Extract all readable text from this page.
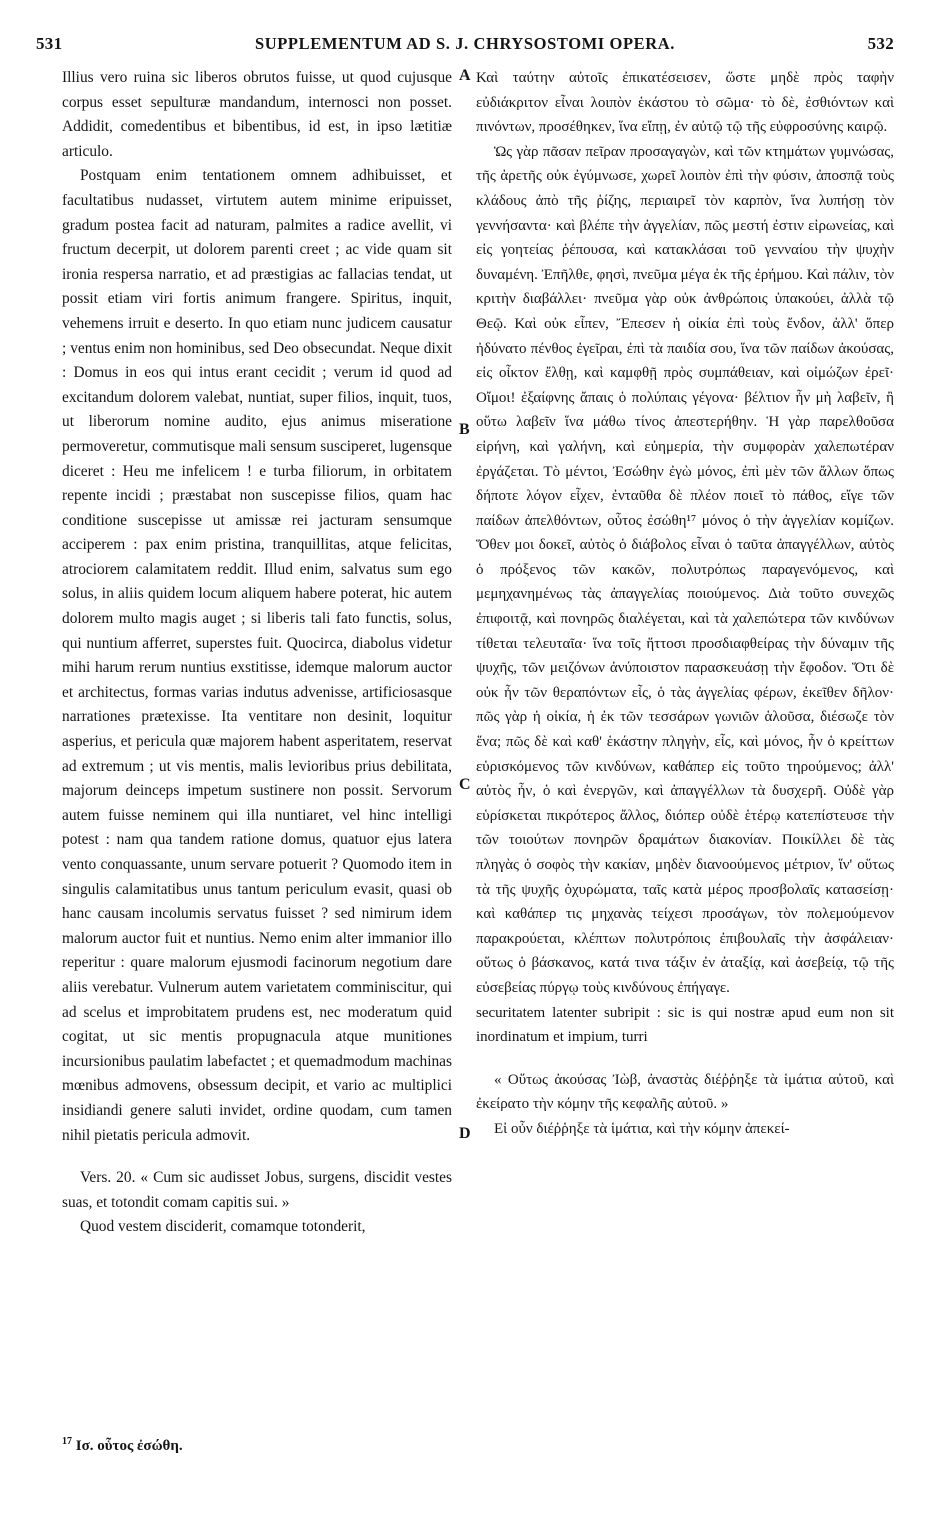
531	SUPPLEMENTUM AD S. J. CHRYSOSTOMI OPERA.	532
A
B
C
D

Illius vero ruina sic liberos obrutos fuisse, ut quod cujusque corpus esset sepulturæ mandandum, internosci non posset. Addidit, comedentibus et bibentibus, id est, in ipso lætitiæ articulo.

Postquam enim tentationem omnem adhibuisset, et facultatibus nudasset, virtutem autem minime eripuisset, gradum postea facit ad naturam, palmites a radice avellit, vi fructum decerpit, ut dolorem parenti creet ; ac vide quam sit ironia respersa narratio, et ad præstigias ac fallacias tendat, ut possit etiam viri fortis animum frangere. Spiritus, inquit, vehemens irruit e deserto. In quo etiam nunc judicem causatur ; ventus enim non hominibus, sed Deo obsecundat. Neque dixit : Domus in eos qui intus erant cecidit ; verum id quod ad excitandum dolorem valebat, nuntiat, super filios, inquit, tuos, ut liberorum nomine audito, ejus animus miseratione permoveretur, commutisque mali sensum susciperet, lugensque diceret : Heu me infelicem ! e turba filiorum, in orbitatem repente incidi ; præstabat non suscepisse filios, quam hac conditione suscepisse ut amissæ rei jacturam sensumque acciperem : pax enim pristina, tranquillitas, atque felicitas, atrociorem calamitatem reddit. Illud enim, salvatus sum ego solus, in aliis quidem locum aliquem habere poterat, hic autem dolorem multo magis auget ; si liberis tali fato functis, solus, qui nuntium afferret, superstes fuit. Quocirca, diabolus videtur mihi harum rerum nuntius exstitisse, idemque malorum auctor et architectus, formas varias indutus advenisse, artificiosasque narrationes prætexisse. Ita ventitare non desinit, loquitur asperius, et pericula quæ majorem habent asperitatem, reservat ad extremum ; ut vis mentis, malis levioribus prius debilitata, majorum deinceps impetum sustinere non possit. Servorum autem fuisse neminem qui illa nuntiaret, vel hinc intelligi potest : nam qua tandem ratione domus, quatuor ejus latera vento conquassante, unum servare potuerit ? Quomodo item in singulis calamitatibus unus tantum periculum evasit, quasi ob hanc causam incolumis servatus fuisset ? sed nimirum idem malorum auctor fuit et nuntius. Nemo enim alter immanior illo reperitur : quare malorum ejusmodi facinorum negotium dare aliis verebatur. Vulnerum autem varietatem comminiscitur, qui ad scelus et improbitatem prudens est, nec moderatum quid cogitat, ut sic mentis propugnacula atque munitiones incursionibus paulatim labefactet ; et quemadmodum machinas mœnibus admovens, obsessum decipit, et vario ac multiplici insidiandi genere saluti invidet, ordine quodam, cum tamen nihil pietatis pericula admovit.

Vers. 20. « Cum sic audisset Jobus, surgens, discidit vestes suas, et totondit comam capitis sui. »

Quod vestem disciderit, comamque totonderit,

Καὶ ταύτην αὐτοῖς ἐπικατέσεισεν, ὥστε μηδὲ πρὸς ταφὴν εὐδιάκριτον εἶναι λοιπὸν ἑκάστου τὸ σῶμα· τὸ δὲ, ἐσθιόντων καὶ πινόντων, προσέθηκεν, ἵνα εἴπῃ, ἐν αὐτῷ τῷ τῆς εὐφροσύνης καιρῷ.

Ὡς γὰρ πᾶσαν πεῖραν προσαγαγὼν, καὶ τῶν κτημάτων γυμνώσας, τῆς ἀρετῆς οὐκ ἐγύμνωσε, χωρεῖ λοιπὸν ἐπὶ τὴν φύσιν, ἀποσπᾷ τοὺς κλάδους ἀπὸ τῆς ῥίζης, περιαιρεῖ τὸν καρπὸν, ἵνα λυπήσῃ τὸν γεννήσαντα· καὶ βλέπε τὴν ἀγγελίαν, πῶς μεστή ἐστιν εἰρωνείας, καὶ εἰς γοητείας ῥέπουσα, καὶ κατακλάσαι τοῦ γενναίου τὴν ψυχὴν δυναμένη. Ἐπῆλθε, φησὶ, πνεῦμα μέγα ἐκ τῆς ἐρήμου. Καὶ πάλιν, τὸν κριτὴν διαβάλλει· πνεῦμα γὰρ οὐκ ἀνθρώποις ὑπακούει, ἀλλὰ τῷ Θεῷ. Καὶ οὐκ εἶπεν, Ἔπεσεν ἡ οἰκία ἐπὶ τοὺς ἔνδον, ἀλλ' ὅπερ ἠδύνατο πένθος ἐγεῖραι, ἐπὶ τὰ παιδία σου, ἵνα τῶν παίδων ἀκούσας, εἰς οἶκτον ἔλθῃ, καὶ καμφθῇ πρὸς συμπάθειαν, καὶ οἰμώζων ἐρεῖ· Οἴμοι! ἐξαίφνης ἄπαις ὁ πολύπαις γέγονα· βέλτιον ἦν μὴ λαβεῖν, ἢ οὕτω λαβεῖν ἵνα μάθω τίνος ἀπεστερήθην. Ἡ γὰρ παρελθοῦσα εἰρήνη, καὶ γαλήνη, καὶ εὐημερία, τὴν συμφορὰν χαλεπωτέραν ἐργάζεται. Τὸ μέντοι, Ἐσώθην ἐγὼ μόνος, ἐπὶ μὲν τῶν ἄλλων ὅπως δήποτε λόγον εἶχεν, ἐνταῦθα δὲ πλέον ποιεῖ τὸ πάθος, εἴγε τῶν παίδων ἀπελθόντων, οὗτος ἐσώθη¹⁷ μόνος ὁ τὴν ἀγγελίαν κομίζων. Ὅθεν μοι δοκεῖ, αὐτὸς ὁ διάβολος εἶναι ὁ ταῦτα ἀπαγγέλλων, αὐτὸς ὁ πρόξενος τῶν κακῶν, πολυτρόπως παραγενόμενος, καὶ μεμηχανημένως τὰς ἀπαγγελίας ποιούμενος. Διὰ τοῦτο συνεχῶς ἐπιφοιτᾷ, καὶ πονηρῶς διαλέγεται, καὶ τὰ χαλεπώτερα τῶν κινδύνων τίθεται τελευταῖα· ἵνα τοῖς ἥττοσι προσδιαφθείρας τὴν δύναμιν τῆς ψυχῆς, τῶν μειζόνων ἀνύποιστον παρασκευάσῃ τὴν ἔφοδον. Ὅτι δὲ οὐκ ἦν τῶν θεραπόντων εἷς, ὁ τὰς ἀγγελίας φέρων, ἐκεῖθεν δῆλον· πῶς γὰρ ἡ οἰκία, ἡ ἐκ τῶν τεσσάρων γωνιῶν ἁλοῦσα, διέσωζε τὸν ἕνα; πῶς δὲ καὶ καθ' ἑκάστην πληγὴν, εἷς, καὶ μόνος, ἦν ὁ κρείττων εὑρισκόμενος τῶν κινδύνων, καθάπερ εἰς τοῦτο τηρούμενος; ἀλλ' αὐτὸς ἦν, ὁ καὶ ἐνεργῶν, καὶ ἀπαγγέλλων τὰ δυσχερῆ. Οὐδὲ γὰρ εὑρίσκεται πικρότερος ἄλλος, διόπερ οὐδὲ ἑτέρῳ κατεπίστευσε τὴν τῶν τοιούτων πονηρῶν δραμάτων διακονίαν. Ποικίλλει δὲ τὰς πληγὰς ὁ σοφὸς τὴν κακίαν, μηδὲν διανοούμενος μέτριον, ἵν' οὕτως τὰ τῆς ψυχῆς ὀχυρώματα, ταῖς κατὰ μέρος προσβολαῖς κατασείσῃ· καὶ καθάπερ τις μηχανὰς τείχεσι προσάγων, τὸν πολεμούμενον παρακρούεται, κλέπτων πολυτρόποις ἐπιβουλαῖς τὴν ἀσφάλειαν· οὕτως ὁ βάσκανος, κατά τινα τάξιν ἐν ἀταξίᾳ, καὶ ἀσεβείᾳ, τῷ τῆς εὐσεβείας πύργῳ τοὺς κινδύνους ἐπήγαγε.

securitatem latenter subripit : sic is qui nostræ apud eum non sit inordinatum et impium, turri

« Οὕτως ἀκούσας Ἰὼβ, ἀναστὰς διέῤῥηξε τὰ ἱμάτια αὐτοῦ, καὶ ἐκείρατο τὴν κόμην τῆς κεφαλῆς αὐτοῦ. »

Εἰ οὖν διέῤῥηξε τὰ ἱμάτια, καὶ τὴν κόμην ἀπεκεί-

$^{17}$ Ισ. οὗτος ἐσώθη.
